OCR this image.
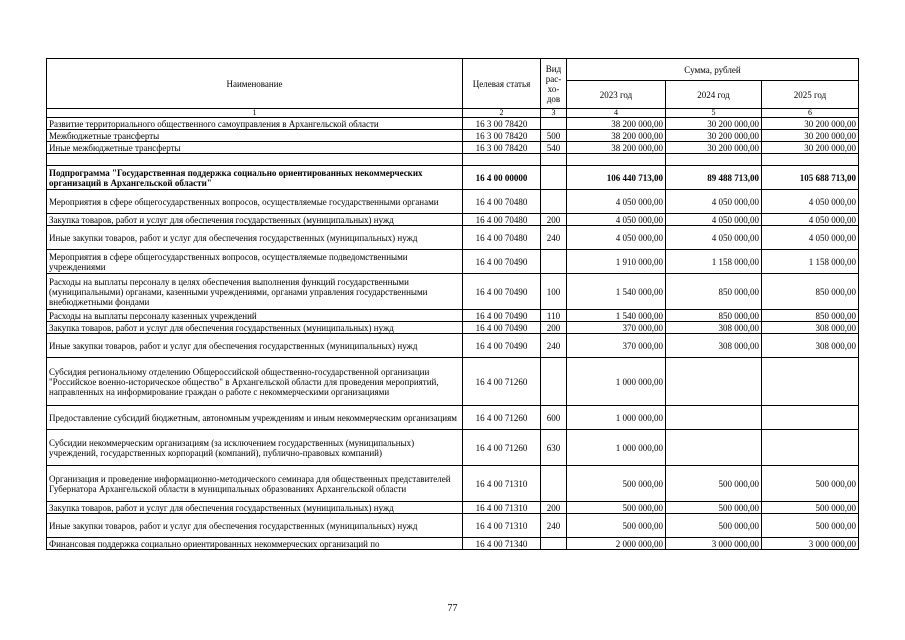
Наименование	Целевая статья	Вид рас- хо- дов	Сумма, рублей		
			2023 год	2024 год	2025 год
1	2	3	4	5	6
Развитие территориального общественного самоуправления в Архангельской области	16 3 00 78420		38 200 000,00	30 200 000,00	30 200 000,00
Межбюджетные трансферты	16 3 00 78420	500	38 200 000,00	30 200 000,00	30 200 000,00
Иные межбюджетные трансферты	16 3 00 78420	540	38 200 000,00	30 200 000,00	30 200 000,00

Подпрограмма "Государственная поддержка социально ориентированных некоммерческих организаций в Архангельской области"	16 4 00 00000		106 440 713,00	89 488 713,00	105 688 713,00
Мероприятия в сфере общегосударственных вопросов, осуществляемые государственными органами	16 4 00 70480		4 050 000,00	4 050 000,00	4 050 000,00
Закупка товаров, работ и услуг для обеспечения государственных (муниципальных) нужд	16 4 00 70480	200	4 050 000,00	4 050 000,00	4 050 000,00
Иные закупки товаров, работ и услуг для обеспечения государственных (муниципальных) нужд	16 4 00 70480	240	4 050 000,00	4 050 000,00	4 050 000,00
Мероприятия в сфере общегосударственных вопросов, осуществляемые подведомственными учреждениями	16 4 00 70490		1 910 000,00	1 158 000,00	1 158 000,00
Расходы на выплаты персоналу в целях обеспечения выполнения функций государственными (муниципальными) органами, казенными учреждениями, органами управления государственными внебюджетными фондами	16 4 00 70490	100	1 540 000,00	850 000,00	850 000,00
Расходы на выплаты персоналу казенных учреждений	16 4 00 70490	110	1 540 000,00	850 000,00	850 000,00
Закупка товаров, работ и услуг для обеспечения государственных (муниципальных) нужд	16 4 00 70490	200	370 000,00	308 000,00	308 000,00
Иные закупки товаров, работ и услуг для обеспечения государственных (муниципальных) нужд	16 4 00 70490	240	370 000,00	308 000,00	308 000,00
Субсидия региональному отделению Общероссийской общественно-государственной организации "Российское военно-историческое общество" в Архангельской области для проведения мероприятий, направленных на информирование граждан о работе с некоммерческими организациями	16 4 00 71260		1 000 000,00		
Предоставление субсидий бюджетным, автономным учреждениям и иным некоммерческим организациям	16 4 00 71260	600	1 000 000,00		
Субсидии некоммерческим организациям (за исключением государственных (муниципальных) учреждений, государственных корпораций (компаний), публично-правовых компаний)	16 4 00 71260	630	1 000 000,00		
Организация и проведение информационно-методического семинара для общественных представителей Губернатора Архангельской области в муниципальных образованиях Архангельской области	16 4 00 71310		500 000,00	500 000,00	500 000,00
Закупка товаров, работ и услуг для обеспечения государственных (муниципальных) нужд	16 4 00 71310	200	500 000,00	500 000,00	500 000,00
Иные закупки товаров, работ и услуг для обеспечения государственных (муниципальных) нужд	16 4 00 71310	240	500 000,00	500 000,00	500 000,00
Финансовая поддержка социально ориентированных некоммерческих организаций по	16 4 00 71340		2 000 000,00	3 000 000,00	3 000 000,00
77
